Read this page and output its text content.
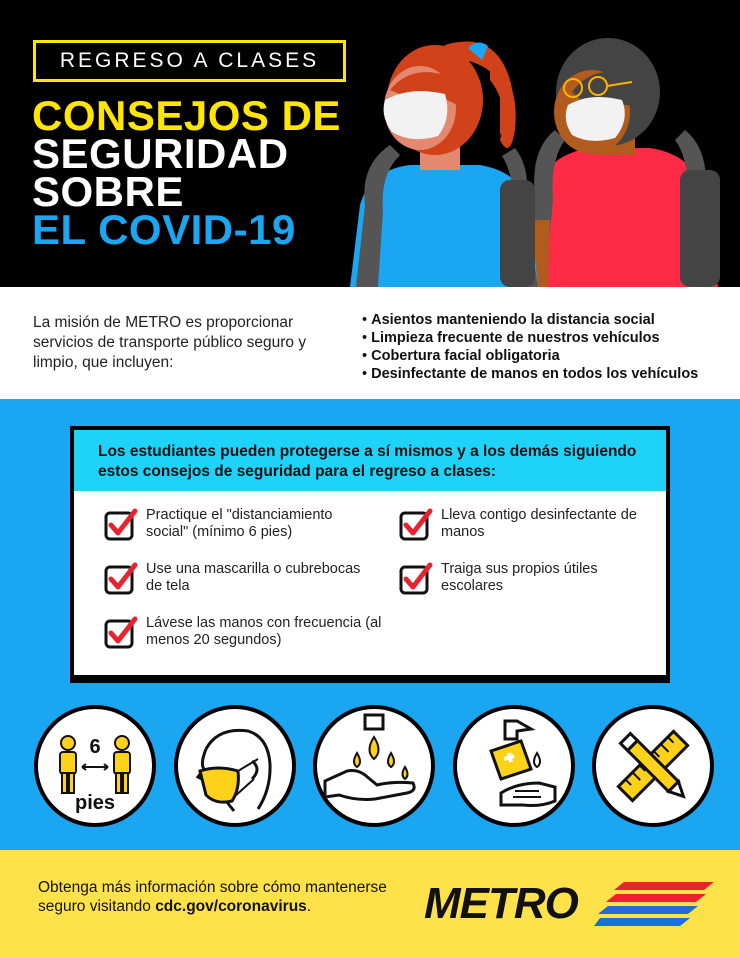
REGRESO A CLASES
CONSEJOS DE
SEGURIDAD
SOBRE
EL COVID-19

La misión de METRO es proporcionar servicios de transporte público seguro y limpio, que incluyen:

• Asientos manteniendo la distancia social
• Limpieza frecuente de nuestros vehículos
• Cobertura facial obligatoria
• Desinfectante de manos en todos los vehículos
Los estudiantes pueden protegerse a sí mismos y a los demás siguiendo estos consejos de seguridad para el regreso a clases:
Practique el "distanciamiento social" (mínimo 6 pies)
Use una mascarilla o cubrebocas de tela
Lávese las manos con frecuencia (al menos 20 segundos)
Lleva contigo desinfectante de manos
Traiga sus propios útiles escolares
6
pies

Obtenga más información sobre cómo mantenerse seguro visitando cdc.gov/coronavirus.	METRO
